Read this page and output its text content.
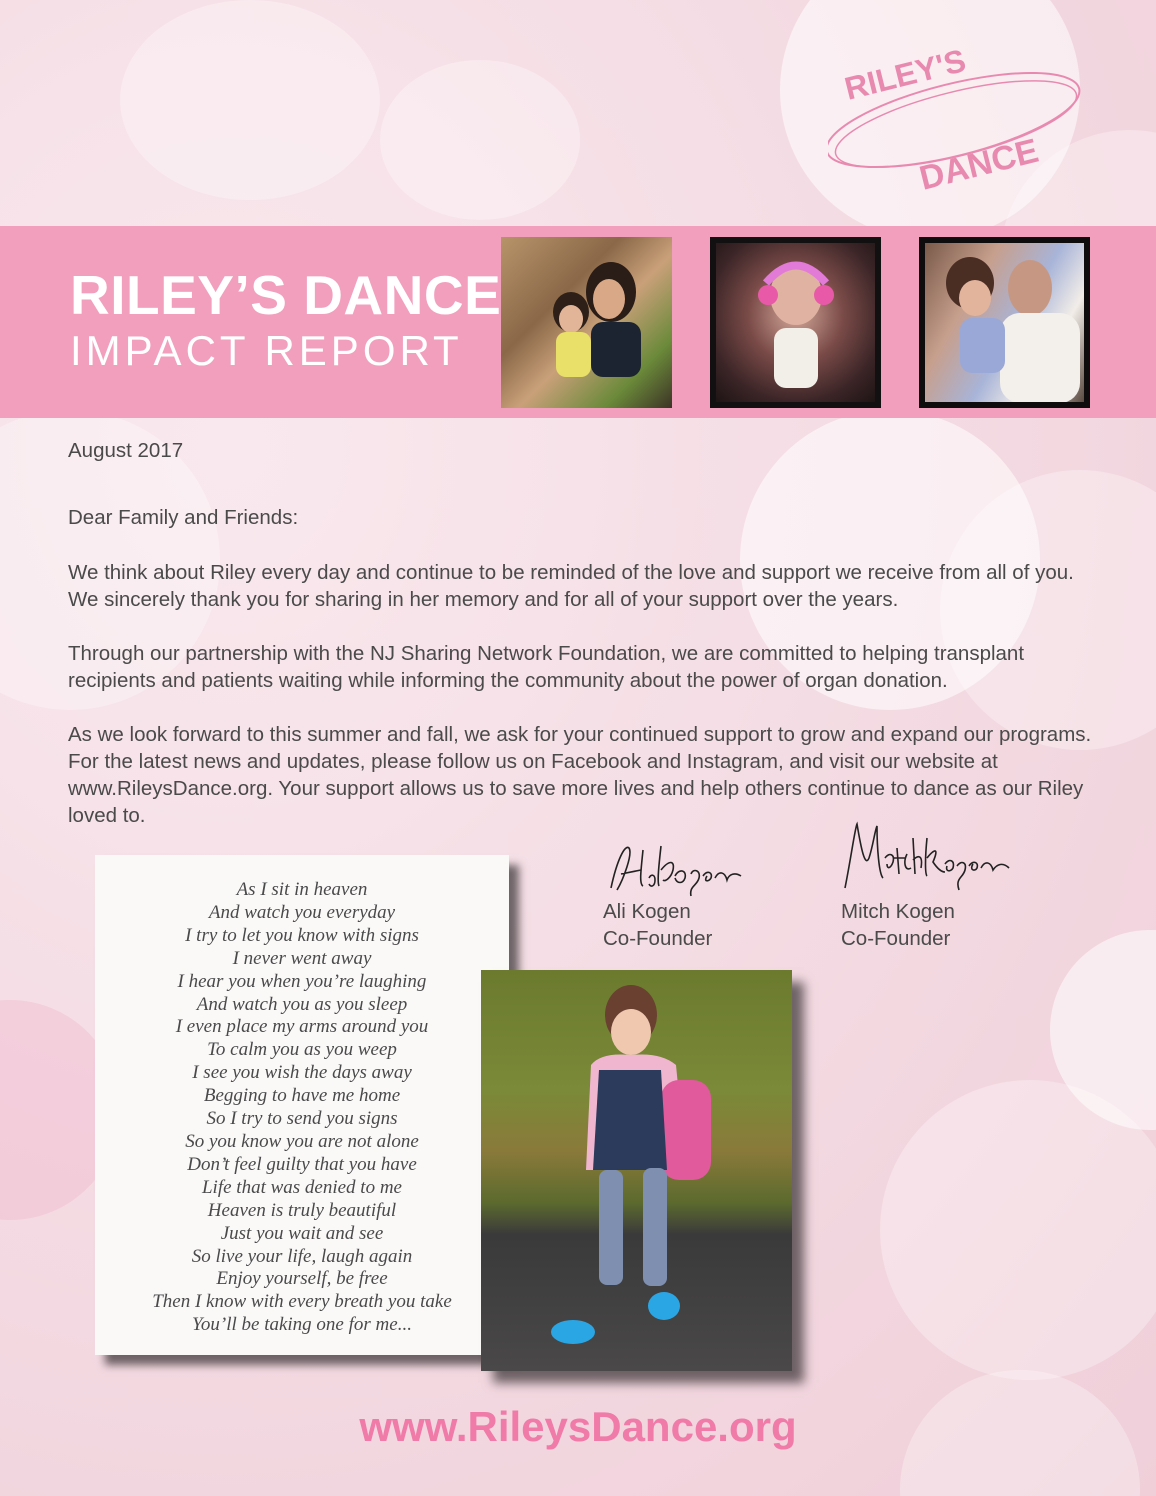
RILEY'S
DANCE
RILEY’S DANCE
IMPACT REPORT

August 2017

Dear Family and Friends:

We think about Riley every day and continue to be reminded of the love and support we receive from all of you. We sincerely thank you for sharing in her memory and for all of your support over the years.

Through our partnership with the NJ Sharing Network Foundation, we are committed to helping transplant recipients and patients waiting while informing the community about the power of organ donation.

As we look forward to this summer and fall, we ask for your continued support to grow and expand our programs. For the latest news and updates, please follow us on Facebook and Instagram, and visit our website at www.RileysDance.org. Your support allows us to save more lives and help others continue to dance as our Riley loved to.

As I sit in heaven
And watch you everyday
I try to let you know with signs
I never went away
I hear you when you’re laughing
And watch you as you sleep
I even place my arms around you
To calm you as you weep
I see you wish the days away
Begging to have me home
So I try to send you signs
So you know you are not alone
Don’t feel guilty that you have
Life that was denied to me
Heaven is truly beautiful
Just you wait and see
So live your life, laugh again
Enjoy yourself, be free
Then I know with every breath you take
You’ll be taking one for me...
Ali Kogen
Co-Founder
Mitch Kogen
Co-Founder
www.RileysDance.org
